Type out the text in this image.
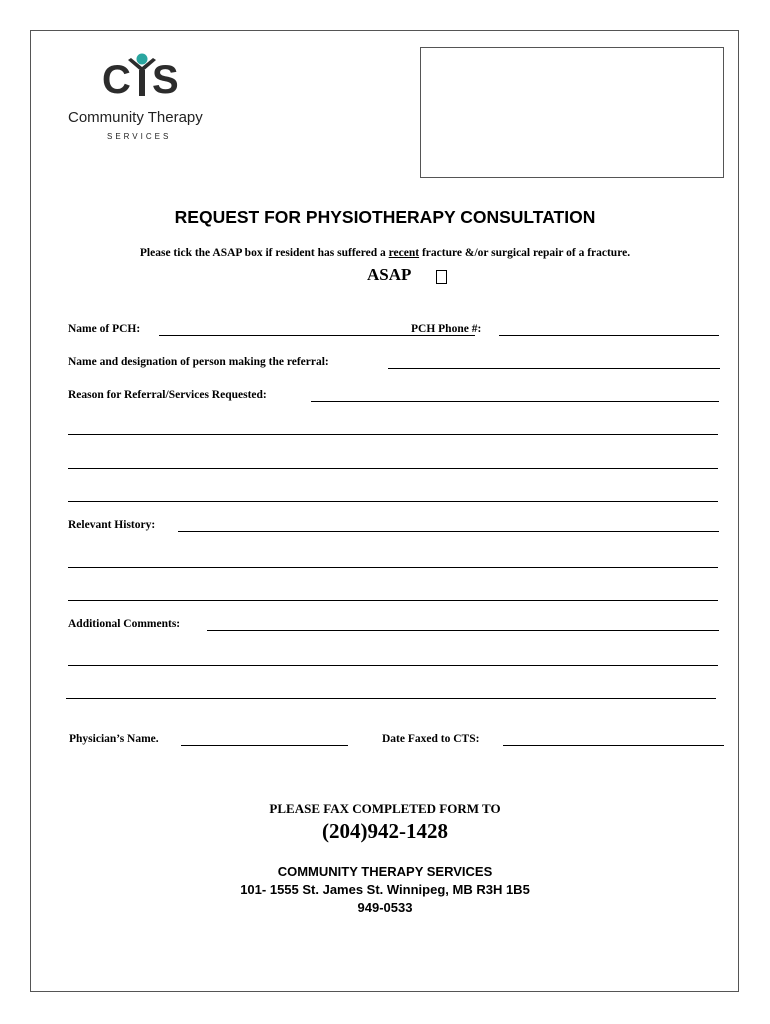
C S
Community Therapy
SERVICES
REQUEST FOR PHYSIOTHERAPY CONSULTATION
Please tick the ASAP box if resident has suffered a recent fracture &/or surgical repair of a fracture.
ASAP
Name of PCH:	PCH Phone #:
Name and designation of person making the referral:
Reason for Referral/Services Requested:
Relevant History:
Additional Comments:
Physician’s Name.	Date Faxed to CTS:
PLEASE FAX COMPLETED FORM TO
(204)942-1428
COMMUNITY THERAPY SERVICES
101- 1555 St. James St. Winnipeg, MB R3H 1B5
949-0533
